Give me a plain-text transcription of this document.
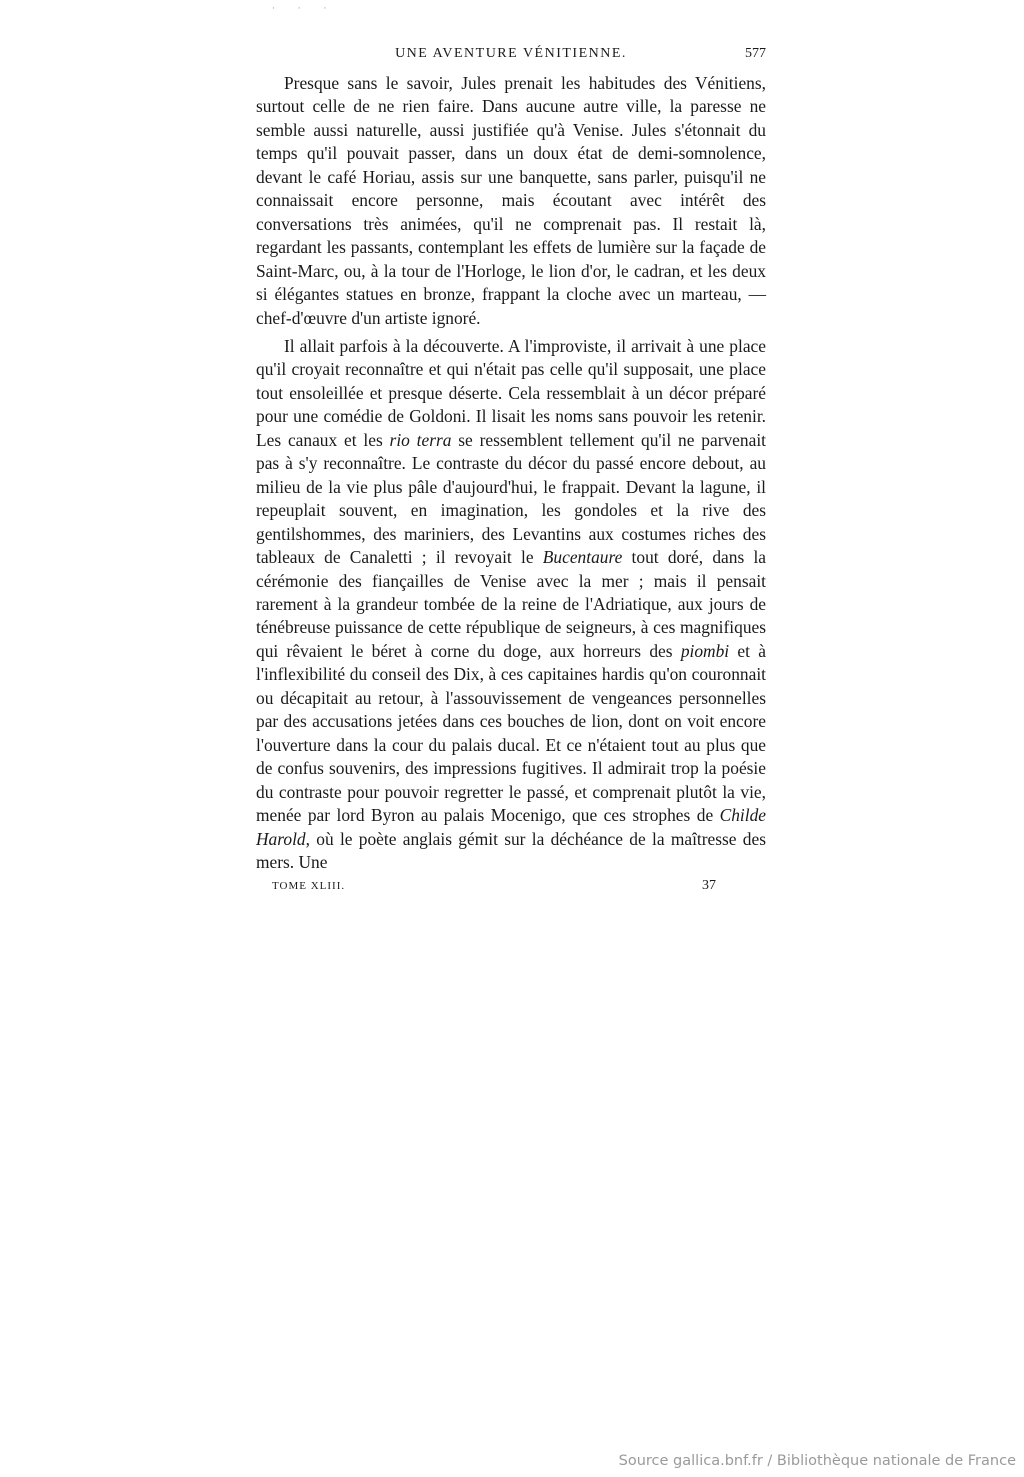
· · ·
UNE AVENTURE VÉNITIENNE.	577

Presque sans le savoir, Jules prenait les habitudes des Vénitiens, surtout celle de ne rien faire. Dans aucune autre ville, la paresse ne semble aussi naturelle, aussi justifiée qu'à Venise. Jules s'étonnait du temps qu'il pouvait passer, dans un doux état de demi-somnolence, devant le café Horiau, assis sur une banquette, sans parler, puisqu'il ne connaissait encore personne, mais écoutant avec intérêt des conversations très animées, qu'il ne comprenait pas. Il restait là, regardant les passants, contemplant les effets de lumière sur la façade de Saint-Marc, ou, à la tour de l'Horloge, le lion d'or, le cadran, et les deux si élégantes statues en bronze, frappant la cloche avec un marteau, — chef-d'œuvre d'un artiste ignoré.

Il allait parfois à la découverte. A l'improviste, il arrivait à une place qu'il croyait reconnaître et qui n'était pas celle qu'il supposait, une place tout ensoleillée et presque déserte. Cela ressemblait à un décor préparé pour une comédie de Goldoni. Il lisait les noms sans pouvoir les retenir. Les canaux et les rio terra se ressemblent tellement qu'il ne parvenait pas à s'y reconnaître. Le contraste du décor du passé encore debout, au milieu de la vie plus pâle d'aujourd'hui, le frappait. Devant la lagune, il repeuplait souvent, en imagination, les gondoles et la rive des gentilshommes, des mariniers, des Levantins aux costumes riches des tableaux de Canaletti ; il revoyait le Bucentaure tout doré, dans la cérémonie des fiançailles de Venise avec la mer ; mais il pensait rarement à la grandeur tombée de la reine de l'Adriatique, aux jours de ténébreuse puissance de cette république de seigneurs, à ces magnifiques qui rêvaient le béret à corne du doge, aux horreurs des piombi et à l'inflexibilité du conseil des Dix, à ces capitaines hardis qu'on couronnait ou décapitait au retour, à l'assouvissement de vengeances personnelles par des accusations jetées dans ces bouches de lion, dont on voit encore l'ouverture dans la cour du palais ducal. Et ce n'étaient tout au plus que de confus souvenirs, des impressions fugitives. Il admirait trop la poésie du contraste pour pouvoir regretter le passé, et comprenait plutôt la vie, menée par lord Byron au palais Mocenigo, que ces strophes de Childe Harold, où le poète anglais gémit sur la déchéance de la maîtresse des mers. Une

TOME XLIII.	37
Source gallica.bnf.fr / Bibliothèque nationale de France
